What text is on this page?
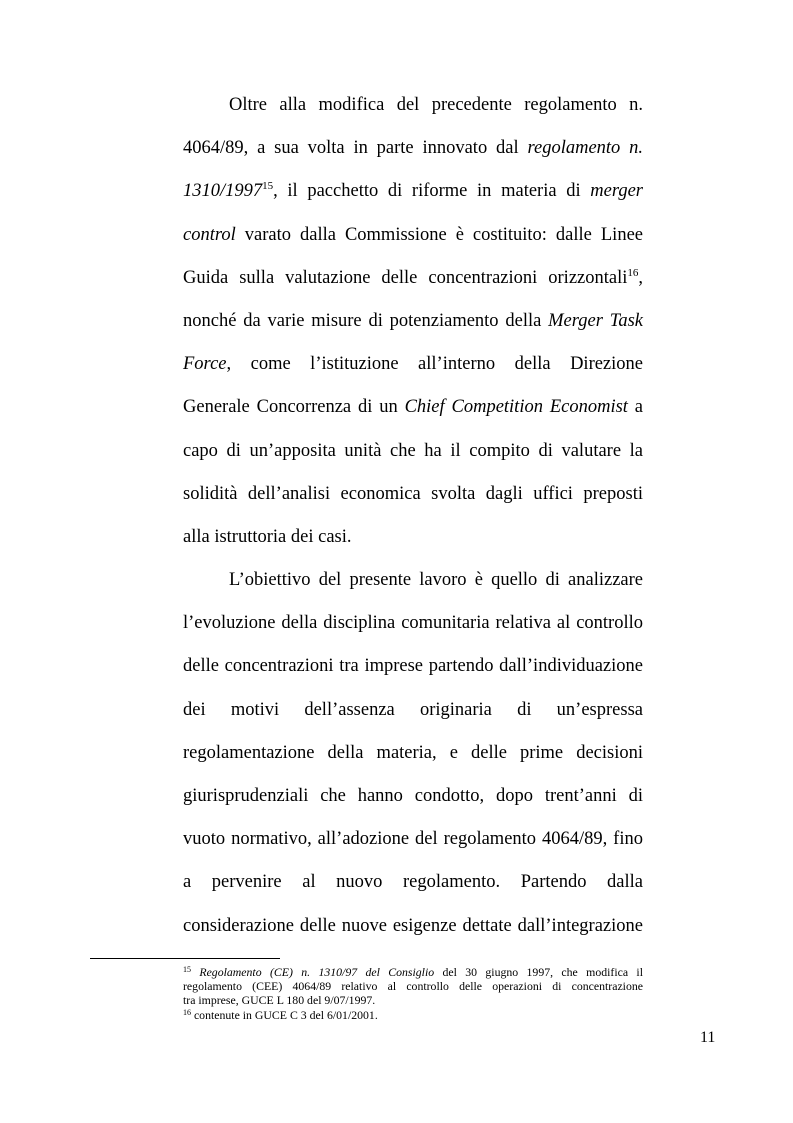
Oltre alla modifica del precedente regolamento n.
4064/89, a sua volta in parte innovato dal regolamento n.
1310/1997$^{15}$, il pacchetto di riforme in materia di merger
control varato dalla Commissione è costituito: dalle Linee
Guida sulla valutazione delle concentrazioni orizzontali$^{16}$,
nonché da varie misure di potenziamento della Merger Task
Force, come l’istituzione all’interno della Direzione
Generale Concorrenza di un Chief Competition Economist a
capo di un’apposita unità che ha il compito di valutare la
solidità dell’analisi economica svolta dagli uffici preposti
alla istruttoria dei casi.
L’obiettivo del presente lavoro è quello di analizzare
l’evoluzione della disciplina comunitaria relativa al controllo
delle concentrazioni tra imprese partendo dall’individuazione
dei motivi dell’assenza originaria di un’espressa
regolamentazione della materia, e delle prime decisioni
giurisprudenziali che hanno condotto, dopo trent’anni di
vuoto normativo, all’adozione del regolamento 4064/89, fino
a pervenire al nuovo regolamento. Partendo dalla
considerazione delle nuove esigenze dettate dall’integrazione
$^{15}$ Regolamento (CE) n. 1310/97 del Consiglio del 30 giugno 1997, che modifica il
regolamento (CEE) 4064/89 relativo al controllo delle operazioni di concentrazione
tra imprese, GUCE L 180 del 9/07/1997.
$^{16}$ contenute in GUCE C 3 del 6/01/2001.
11
